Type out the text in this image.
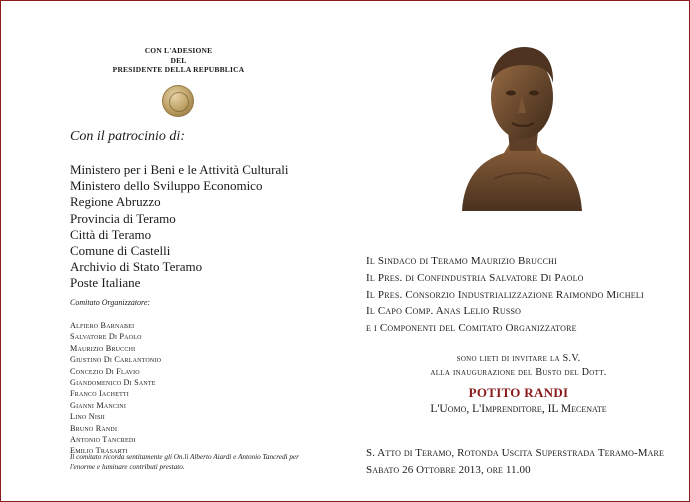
CON L'ADESIONE
DEL
PRESIDENTE DELLA REPUBBLICA
Con il patrocinio di:
Ministero per i Beni e le Attività Culturali
Ministero dello Sviluppo Economico
Regione Abruzzo
Provincia di Teramo
Città di Teramo
Comune di Castelli
Archivio di Stato Teramo
Poste Italiane
Comitato Organizzatore:
Alfiero Barnabei
Salvatore Di Paolo
Maurizio Brucchi
Giustino Di Carlantonio
Concezio Di Flavio
Giandomenico Di Sante
Franco Iachetti
Gianni Mancini
Lino Nisii
Bruno Randi
Antonio Tancredi
Emilio Trasarti
Il comitato ricorda sentitamente gli On.li Alberto Aiardi e Antonio Tancredi per l'enorme e luminare contributi prestato.
Il Sindaco di Teramo Maurizio Brucchi
Il Pres. di Confindustria Salvatore Di Paolo
Il Pres. Consorzio Industrializzazione Raimondo Micheli
Il Capo Comp. Anas Lelio Russo
e i Componenti del Comitato Organizzatore
sono lieti di invitare la S.V.
alla inaugurazione del Busto del Dott.
POTITO RANDI
L'Uomo, L'Imprenditore, IL Mecenate
S. Atto di Teramo, Rotonda Uscita Superstrada Teramo-Mare
Sabato 26 Ottobre 2013, ore 11.00
